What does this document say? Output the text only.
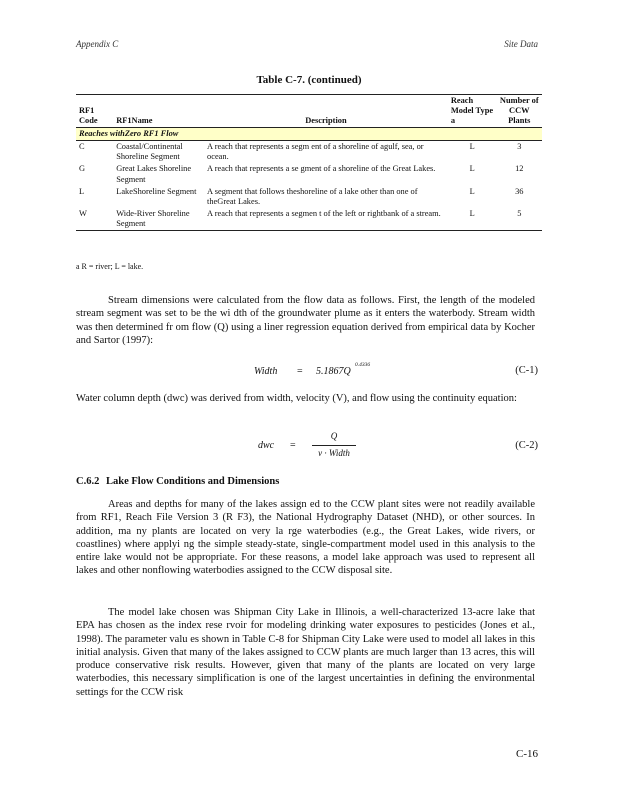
Appendix C	Site Data
Table C-7. (continued)
RF1 Code	RF1Name	Description	Reach Model Type a	Number of CCW Plants
Reaches withZero RF1 Flow				
C	Coastal/Continental Shoreline Segment	A reach that represents a segm ent of a shoreline of agulf, sea, or ocean.	L	3
G	Great Lakes Shoreline Segment	A reach that represents a se gment of a shoreline of the Great Lakes.	L	12
L	LakeShoreline Segment	A segment that follows theshoreline of a lake other than one of theGreat Lakes.	L	36
W	Wide-River Shoreline Segment	A reach that represents a segmen t of the left or rightbank of a stream.	L	5
a R = river; L = lake.
Stream dimensions were calculated from the flow data as follows. First, the length of the modeled stream segment was set to be the wi dth of the groundwater plume as it enters the waterbody. Stream width was then determined fr om flow (Q) using a liner regression equation derived from empirical data by Kocher and Sartor (1997):
Width = 5.1867Q
0.4336	(C-1)
Water column depth (dwc) was derived from width, velocity (V), and flow using the continuity equation:
dwc =
Q
v · Width
(C-2)
C.6.2 Lake Flow Conditions and Dimensions
Areas and depths for many of the lakes assign ed to the CCW plant sites were not readily available from RF1, Reach File Version 3 (R F3), the National Hydrography Dataset (NHD), or other sources. In addition, ma ny plants are located on very la rge waterbodies (e.g., the Great Lakes, wide rivers, or coastlines) where applyi ng the simple steady-state, single-compartment model used in this analysis to the entire lake would not be appropriate. For these reasons, a model lake approach was used to represent all lakes and other nonflowing waterbodies assigned to the CCW disposal site.
The model lake chosen was Shipman City Lake in Illinois, a well-characterized 13-acre lake that EPA has chosen as the index rese rvoir for modeling drinking water exposures to pesticides (Jones et al., 1998). The parameter valu es shown in Table C-8 for Shipman City Lake were used to model all lakes in this initial analysis. Given that many of the lakes assigned to CCW plants are much larger than 13 acres, this will produce conservative risk results. However, given that many of the plants are located on very large waterbodies, this necessary simplification is one of the largest uncertainties in defining the environmental settings for the CCW risk
C-16
